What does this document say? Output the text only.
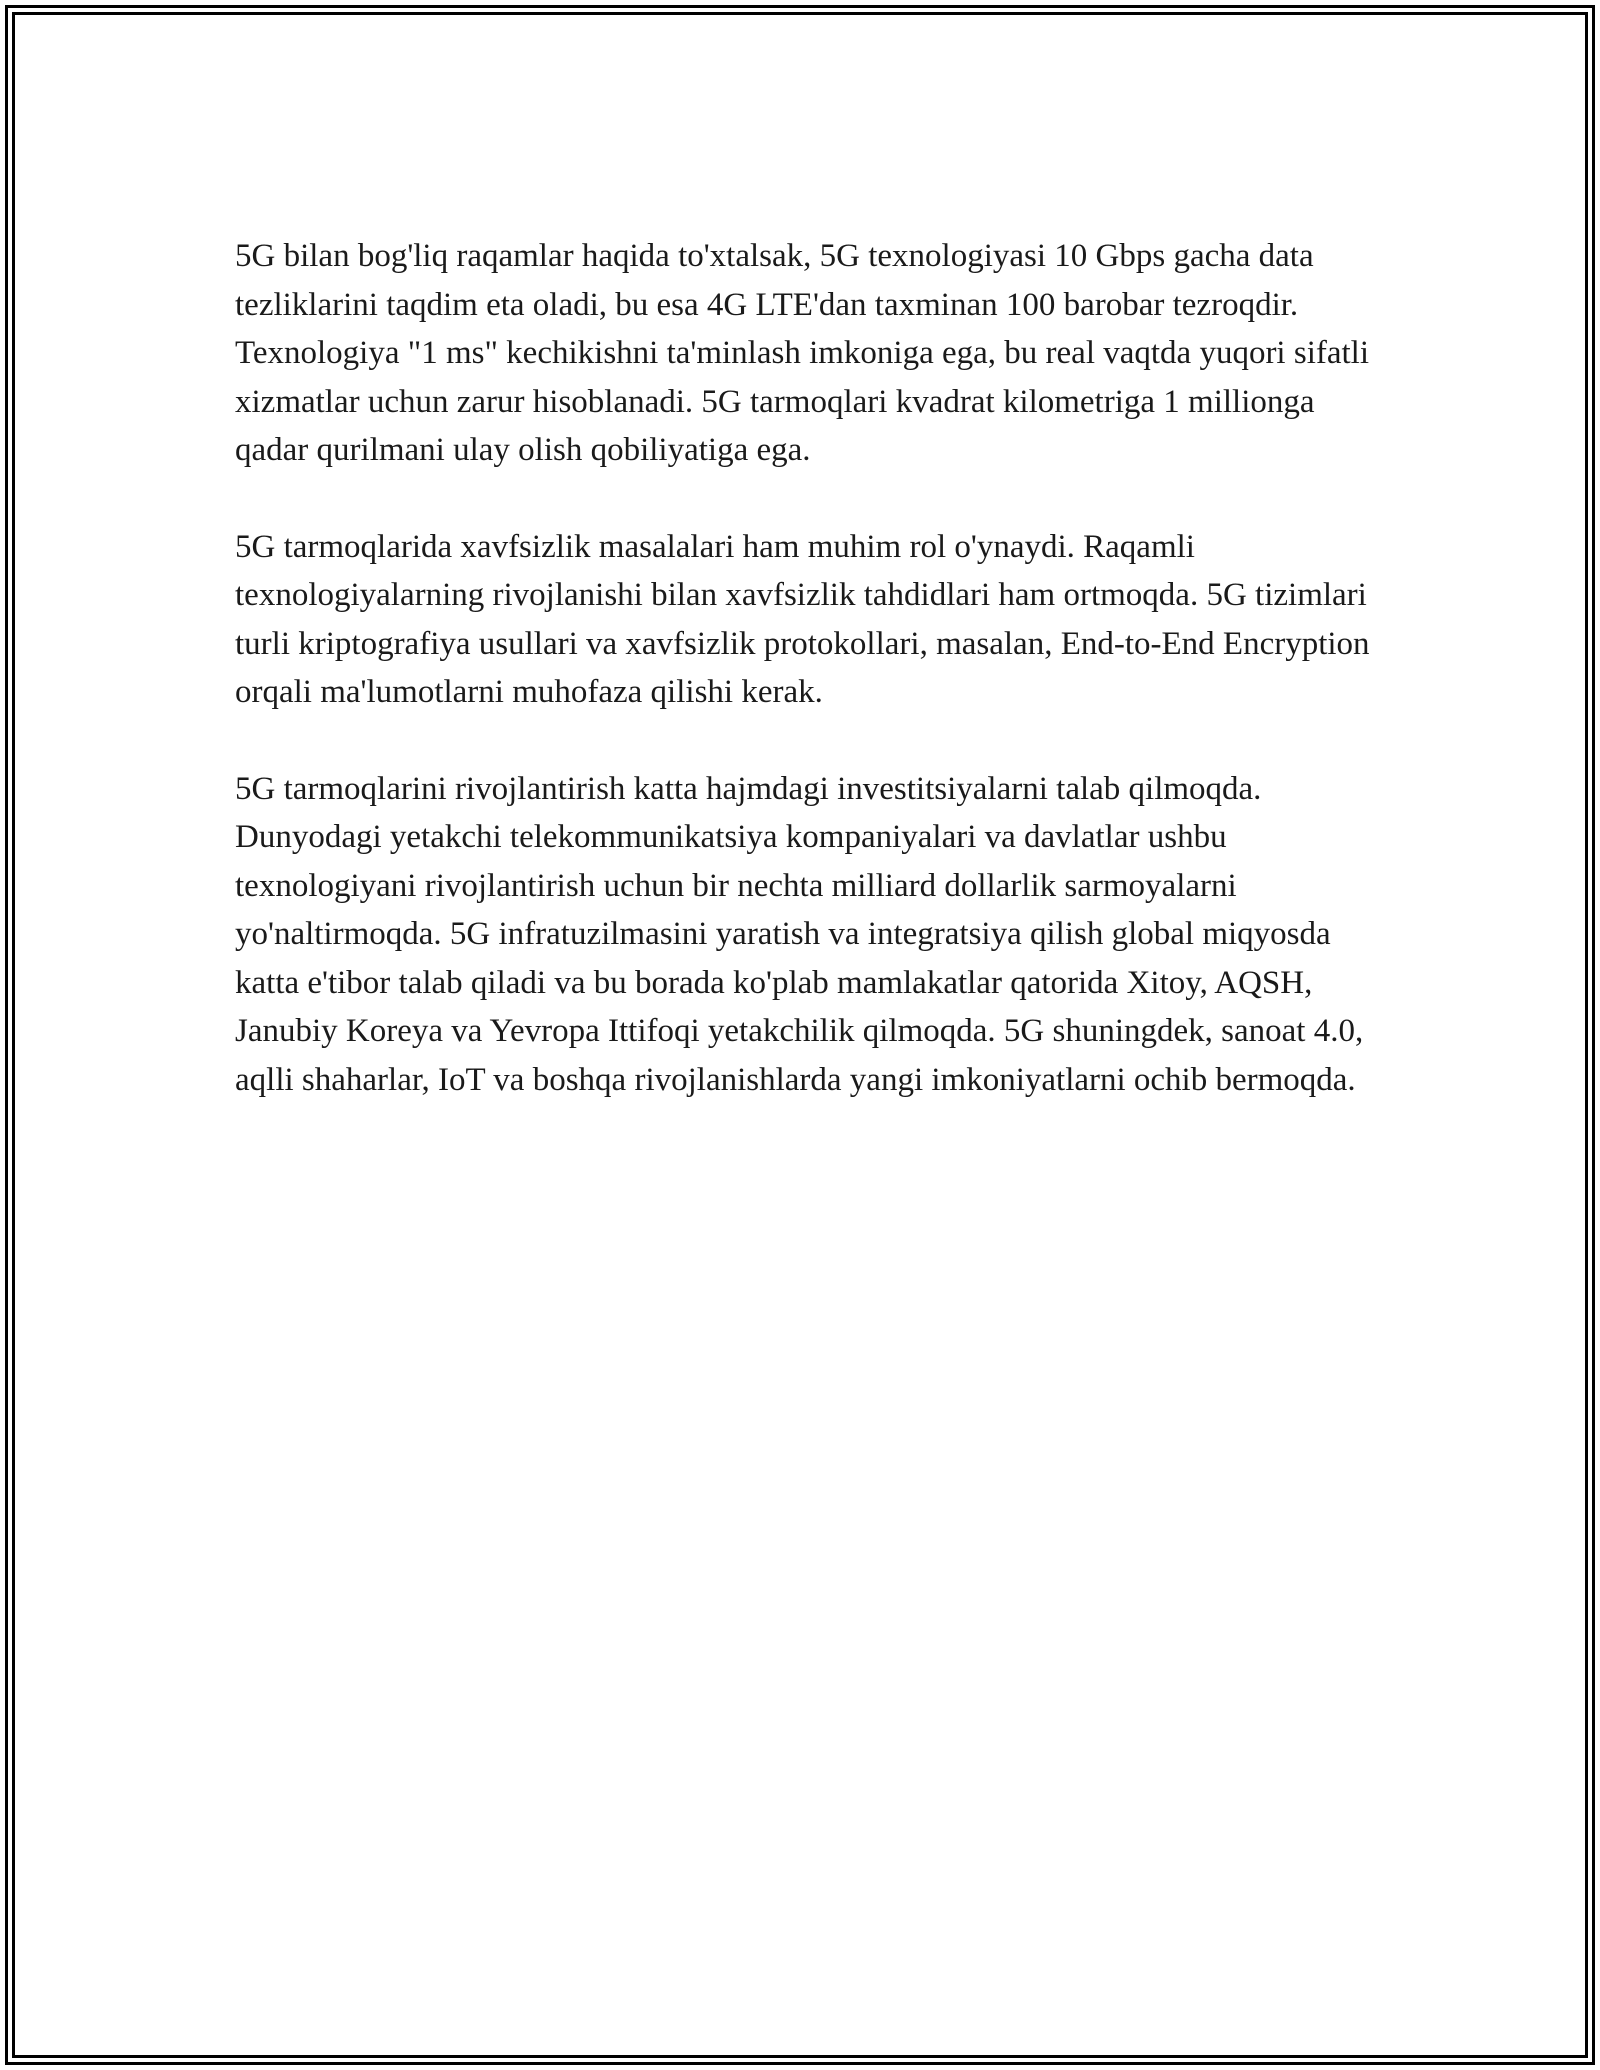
5G bilan bog'liq raqamlar haqida to'xtalsak, 5G texnologiyasi 10 Gbps gacha data tezliklarini taqdim eta oladi, bu esa 4G LTE'dan taxminan 100 barobar tezroqdir. Texnologiya "1 ms" kechikishni ta'minlash imkoniga ega, bu real vaqtda yuqori sifatli xizmatlar uchun zarur hisoblanadi. 5G tarmoqlari kvadrat kilometriga 1 millionga qadar qurilmani ulay olish qobiliyatiga ega.

5G tarmoqlarida xavfsizlik masalalari ham muhim rol o'ynaydi. Raqamli texnologiyalarning rivojlanishi bilan xavfsizlik tahdidlari ham ortmoqda. 5G tizimlari turli kriptografiya usullari va xavfsizlik protokollari, masalan, End-to-End Encryption orqali ma'lumotlarni muhofaza qilishi kerak.

5G tarmoqlarini rivojlantirish katta hajmdagi investitsiyalarni talab qilmoqda. Dunyodagi yetakchi telekommunikatsiya kompaniyalari va davlatlar ushbu texnologiyani rivojlantirish uchun bir nechta milliard dollarlik sarmoyalarni yo'naltirmoqda. 5G infratuzilmasini yaratish va integratsiya qilish global miqyosda katta e'tibor talab qiladi va bu borada ko'plab mamlakatlar qatorida Xitoy, AQSH, Janubiy Koreya va Yevropa Ittifoqi yetakchilik qilmoqda. 5G shuningdek, sanoat 4.0, aqlli shaharlar, IoT va boshqa rivojlanishlarda yangi imkoniyatlarni ochib bermoqda.
